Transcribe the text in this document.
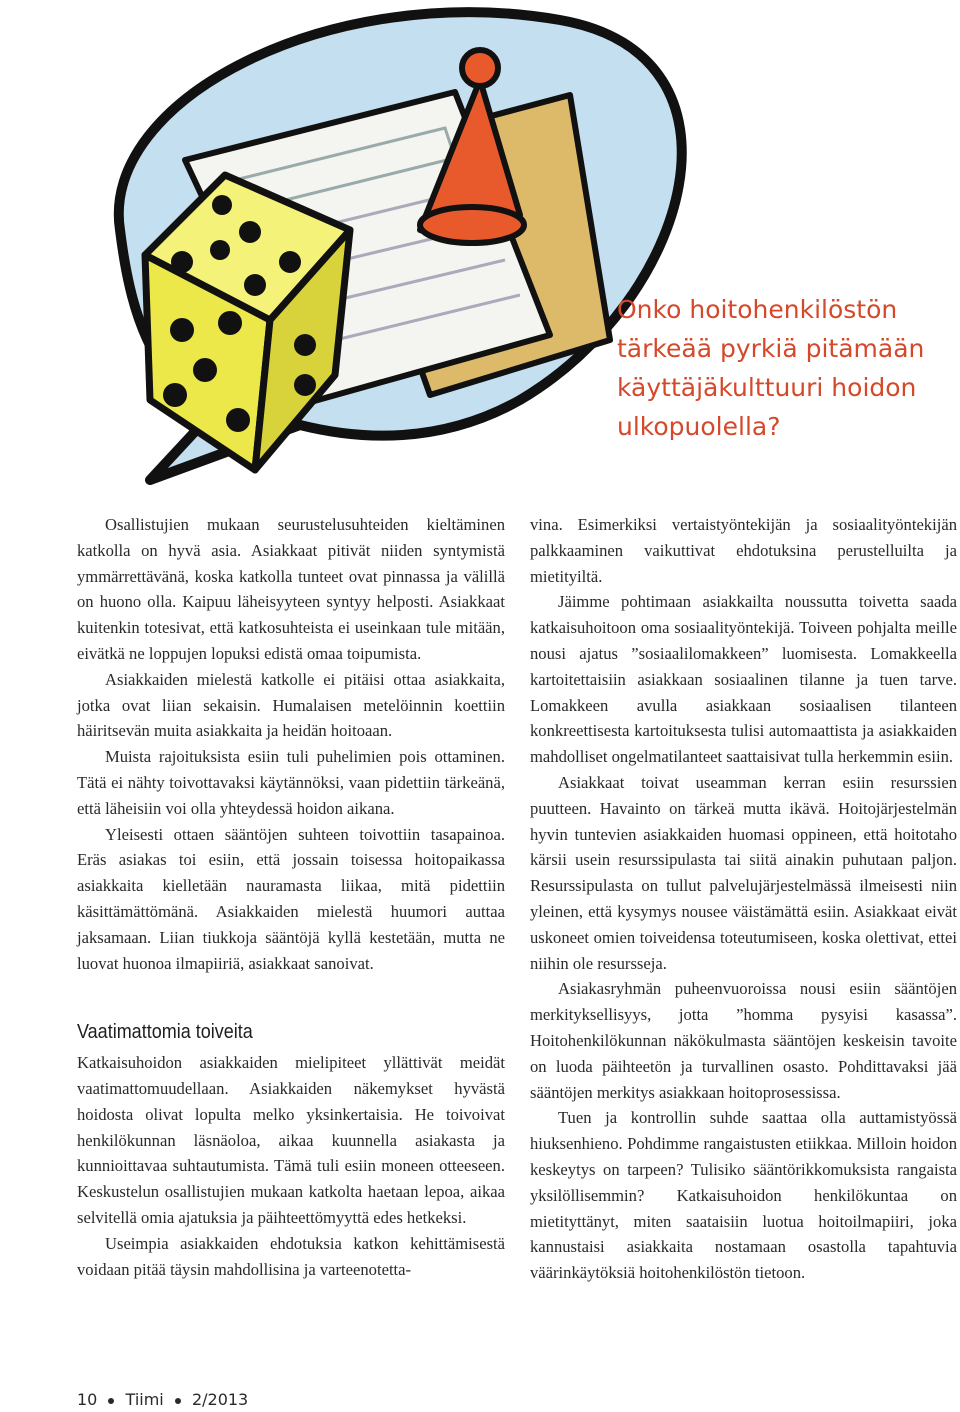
Onko hoitohenkilöstön
tärkeää pyrkiä pitämään
käyttäjäkulttuuri hoidon
ulkopuolella?

Osallistujien mukaan seurustelusuhteiden kieltäminen katkolla on hyvä asia. Asiakkaat pitivät niiden syntymistä ymmärrettävänä, koska katkolla tunteet ovat pinnassa ja välillä on huono olla. Kaipuu läheisyyteen syntyy helposti. Asiakkaat kuitenkin totesivat, että katkosuhteista ei useinkaan tule mitään, eivätkä ne loppujen lopuksi edistä omaa toipumista.

Asiakkaiden mielestä katkolle ei pitäisi ottaa asiakkaita, jotka ovat liian sekaisin. Humalaisen metelöinnin koettiin häiritsevän muita asiakkaita ja heidän hoitoaan.

Muista rajoituksista esiin tuli puhelimien pois ottaminen. Tätä ei nähty toivottavaksi käytännöksi, vaan pidettiin tärkeänä, että läheisiin voi olla yhteydessä hoidon aikana.

Yleisesti ottaen sääntöjen suhteen toivottiin tasapainoa. Eräs asiakas toi esiin, että jossain toisessa hoitopaikassa asiakkaita kielletään nauramasta liikaa, mitä pidettiin käsittämättömänä. Asiakkaiden mielestä huumori auttaa jaksamaan. Liian tiukkoja sääntöjä kyllä kestetään, mutta ne luovat huonoa ilmapiiriä, asiakkaat sanoivat.

Vaatimattomia toiveita

Katkaisuhoidon asiakkaiden mielipiteet yllättivät meidät vaatimattomuudellaan. Asiakkaiden näkemykset hyvästä hoidosta olivat lopulta melko yksinkertaisia. He toivoivat henkilökunnan läsnäoloa, aikaa kuunnella asiakasta ja kunnioittavaa suhtautumista. Tämä tuli esiin moneen otteeseen. Keskustelun osallistujien mukaan katkolta haetaan lepoa, aikaa selvitellä omia ajatuksia ja päihteettömyyttä edes hetkeksi.

Useimpia asiakkaiden ehdotuksia katkon kehittämisestä voidaan pitää täysin mahdollisina ja varteenotetta-

vina. Esimerkiksi vertaistyöntekijän ja sosiaalityöntekijän palkkaaminen vaikuttivat ehdotuksina perustelluilta ja mietityiltä.

Jäimme pohtimaan asiakkailta noussutta toivetta saada katkaisuhoitoon oma sosiaalityöntekijä. Toiveen pohjalta meille nousi ajatus ”sosiaalilomakkeen” luomisesta. Lomakkeella kartoitettaisiin asiakkaan sosiaalinen tilanne ja tuen tarve. Lomakkeen avulla asiakkaan sosiaalisen tilanteen konkreettisesta kartoituksesta tulisi automaattista ja asiakkaiden mahdolliset ongelmatilanteet saattaisivat tulla herkemmin esiin.

Asiakkaat toivat useamman kerran esiin resurssien puutteen. Havainto on tärkeä mutta ikävä. Hoitojärjestelmän hyvin tuntevien asiakkaiden huomasi oppineen, että hoitotaho kärsii usein resurssipulasta tai siitä ainakin puhutaan paljon. Resurssipulasta on tullut palvelujärjestelmässä ilmeisesti niin yleinen, että kysymys nousee väistämättä esiin. Asiakkaat eivät uskoneet omien toiveidensa toteutumiseen, koska olettivat, ettei niihin ole resursseja.

Asiakasryhmän puheenvuoroissa nousi esiin sääntöjen merkityksellisyys, jotta ”homma pysyisi kasassa”. Hoitohenkilökunnan näkökulmasta sääntöjen keskeisin tavoite on luoda päihteetön ja turvallinen osasto. Pohdittavaksi jää sääntöjen merkitys asiakkaan hoitoprosessissa.

Tuen ja kontrollin suhde saattaa olla auttamistyössä hiuksenhieno. Pohdimme rangaistusten etiikkaa. Milloin hoidon keskeytys on tarpeen? Tulisiko sääntörikkomuksista rangaista yksilöllisemmin? Katkaisuhoidon henkilökuntaa on mietityttänyt, miten saataisiin luotua hoitoilmapiiri, joka kannustaisi asiakkaita nostamaan osastolla tapahtuvia väärinkäytöksiä hoitohenkilöstön tietoon.

10 Tiimi 2/2013
